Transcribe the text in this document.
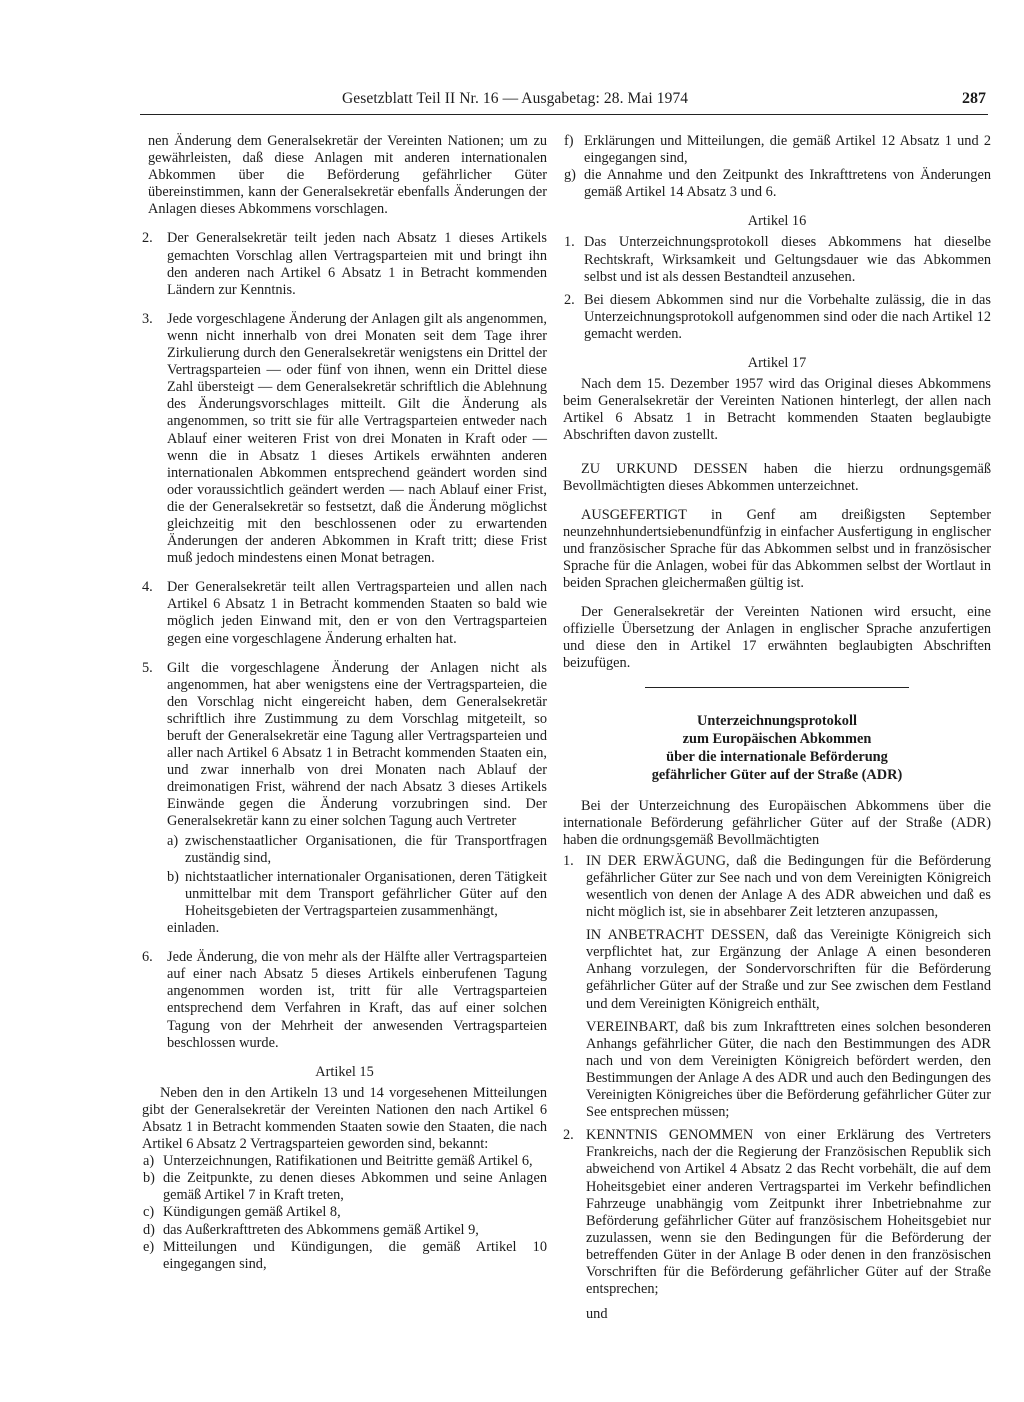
Gesetzblatt Teil II Nr. 16 — Ausgabetag: 28. Mai 1974	287

nen Änderung dem Generalsekretär der Vereinten Nationen; um zu gewährleisten, daß diese Anlagen mit anderen internationalen Abkommen über die Beförderung gefährlicher Güter übereinstimmen, kann der Generalsekretär ebenfalls Änderungen der Anlagen dieses Abkommens vorschlagen.

2. Der Generalsekretär teilt jeden nach Absatz 1 dieses Artikels gemachten Vorschlag allen Vertragsparteien mit und bringt ihn den anderen nach Artikel 6 Absatz 1 in Betracht kommenden Ländern zur Kenntnis.

3. Jede vorgeschlagene Änderung der Anlagen gilt als angenommen, wenn nicht innerhalb von drei Monaten seit dem Tage ihrer Zirkulierung durch den Generalsekretär wenigstens ein Drittel der Vertragsparteien — oder fünf von ihnen, wenn ein Drittel diese Zahl übersteigt — dem Generalsekretär schriftlich die Ablehnung des Änderungsvorschlages mitteilt. Gilt die Änderung als angenommen, so tritt sie für alle Vertragsparteien entweder nach Ablauf einer weiteren Frist von drei Monaten in Kraft oder — wenn die in Absatz 1 dieses Artikels erwähnten anderen internationalen Abkommen entsprechend geändert worden sind oder voraussichtlich geändert werden — nach Ablauf einer Frist, die der Generalsekretär so festsetzt, daß die Änderung möglichst gleichzeitig mit den beschlossenen oder zu erwartenden Änderungen der anderen Abkommen in Kraft tritt; diese Frist muß jedoch mindestens einen Monat betragen.

4. Der Generalsekretär teilt allen Vertragsparteien und allen nach Artikel 6 Absatz 1 in Betracht kommenden Staaten so bald wie möglich jeden Einwand mit, den er von den Vertragsparteien gegen eine vorgeschlagene Änderung erhalten hat.

5. Gilt die vorgeschlagene Änderung der Anlagen nicht als angenommen, hat aber wenigstens eine der Vertragsparteien, die den Vorschlag nicht eingereicht haben, dem Generalsekretär schriftlich ihre Zustimmung zu dem Vorschlag mitgeteilt, so beruft der Generalsekretär eine Tagung aller Vertragsparteien und aller nach Artikel 6 Absatz 1 in Betracht kommenden Staaten ein, und zwar innerhalb von drei Monaten nach Ablauf der dreimonatigen Frist, während der nach Absatz 3 dieses Artikels Einwände gegen die Änderung vorzubringen sind. Der Generalsekretär kann zu einer solchen Tagung auch Vertreter

a) zwischenstaatlicher Organisationen, die für Transportfragen zuständig sind,

b) nichtstaatlicher internationaler Organisationen, deren Tätigkeit unmittelbar mit dem Transport gefährlicher Güter auf den Hoheitsgebieten der Vertragsparteien zusammenhängt,

einladen.

6. Jede Änderung, die von mehr als der Hälfte aller Vertragsparteien auf einer nach Absatz 5 dieses Artikels einberufenen Tagung angenommen worden ist, tritt für alle Vertragsparteien entsprechend dem Verfahren in Kraft, das auf einer solchen Tagung von der Mehrheit der anwesenden Vertragsparteien beschlossen wurde.

Artikel 15

Neben den in den Artikeln 13 und 14 vorgesehenen Mitteilungen gibt der Generalsekretär der Vereinten Nationen den nach Artikel 6 Absatz 1 in Betracht kommenden Staaten sowie den Staaten, die nach Artikel 6 Absatz 2 Vertragsparteien geworden sind, bekannt:

a) Unterzeichnungen, Ratifikationen und Beitritte gemäß Artikel 6,

b) die Zeitpunkte, zu denen dieses Abkommen und seine Anlagen gemäß Artikel 7 in Kraft treten,

c) Kündigungen gemäß Artikel 8,

d) das Außerkrafttreten des Abkommens gemäß Artikel 9,

e) Mitteilungen und Kündigungen, die gemäß Artikel 10 eingegangen sind,

f) Erklärungen und Mitteilungen, die gemäß Artikel 12 Absatz 1 und 2 eingegangen sind,

g) die Annahme und den Zeitpunkt des Inkrafttretens von Änderungen gemäß Artikel 14 Absatz 3 und 6.

Artikel 16

1. Das Unterzeichnungsprotokoll dieses Abkommens hat dieselbe Rechtskraft, Wirksamkeit und Geltungsdauer wie das Abkommen selbst und ist als dessen Bestandteil anzusehen.

2. Bei diesem Abkommen sind nur die Vorbehalte zulässig, die in das Unterzeichnungsprotokoll aufgenommen sind oder die nach Artikel 12 gemacht werden.

Artikel 17

Nach dem 15. Dezember 1957 wird das Original dieses Abkommens beim Generalsekretär der Vereinten Nationen hinterlegt, der allen nach Artikel 6 Absatz 1 in Betracht kommenden Staaten beglaubigte Abschriften davon zustellt.

ZU URKUND DESSEN haben die hierzu ordnungsgemäß Bevollmächtigten dieses Abkommen unterzeichnet.

AUSGEFERTIGT in Genf am dreißigsten September neunzehnhundertsiebenundfünfzig in einfacher Ausfertigung in englischer und französischer Sprache für das Abkommen selbst und in französischer Sprache für die Anlagen, wobei für das Abkommen selbst der Wortlaut in beiden Sprachen gleichermaßen gültig ist.

Der Generalsekretär der Vereinten Nationen wird ersucht, eine offizielle Übersetzung der Anlagen in englischer Sprache anzufertigen und diese den in Artikel 17 erwähnten beglaubigten Abschriften beizufügen.

Unterzeichnungsprotokoll
zum Europäischen Abkommen
über die internationale Beförderung
gefährlicher Güter auf der Straße (ADR)

Bei der Unterzeichnung des Europäischen Abkommens über die internationale Beförderung gefährlicher Güter auf der Straße (ADR) haben die ordnungsgemäß Bevollmächtigten

1. IN DER ERWÄGUNG, daß die Bedingungen für die Beförderung gefährlicher Güter zur See nach und von dem Vereinigten Königreich wesentlich von denen der Anlage A des ADR abweichen und daß es nicht möglich ist, sie in absehbarer Zeit letzteren anzupassen,

IN ANBETRACHT DESSEN, daß das Vereinigte Königreich sich verpflichtet hat, zur Ergänzung der Anlage A einen besonderen Anhang vorzulegen, der Sondervorschriften für die Beförderung gefährlicher Güter auf der Straße und zur See zwischen dem Festland und dem Vereinigten Königreich enthält,

VEREINBART, daß bis zum Inkrafttreten eines solchen besonderen Anhangs gefährlicher Güter, die nach den Bestimmungen des ADR nach und von dem Vereinigten Königreich befördert werden, den Bestimmungen der Anlage A des ADR und auch den Bedingungen des Vereinigten Königreiches über die Beförderung gefährlicher Güter zur See entsprechen müssen;

2. KENNTNIS GENOMMEN von einer Erklärung des Vertreters Frankreichs, nach der die Regierung der Französischen Republik sich abweichend von Artikel 4 Absatz 2 das Recht vorbehält, die auf dem Hoheitsgebiet einer anderen Vertragspartei im Verkehr befindlichen Fahrzeuge unabhängig vom Zeitpunkt ihrer Inbetriebnahme zur Beförderung gefährlicher Güter auf französischem Hoheitsgebiet nur zuzulassen, wenn sie den Bedingungen für die Beförderung der betreffenden Güter in der Anlage B oder denen in den französischen Vorschriften für die Beförderung gefährlicher Güter auf der Straße entsprechen;

und
